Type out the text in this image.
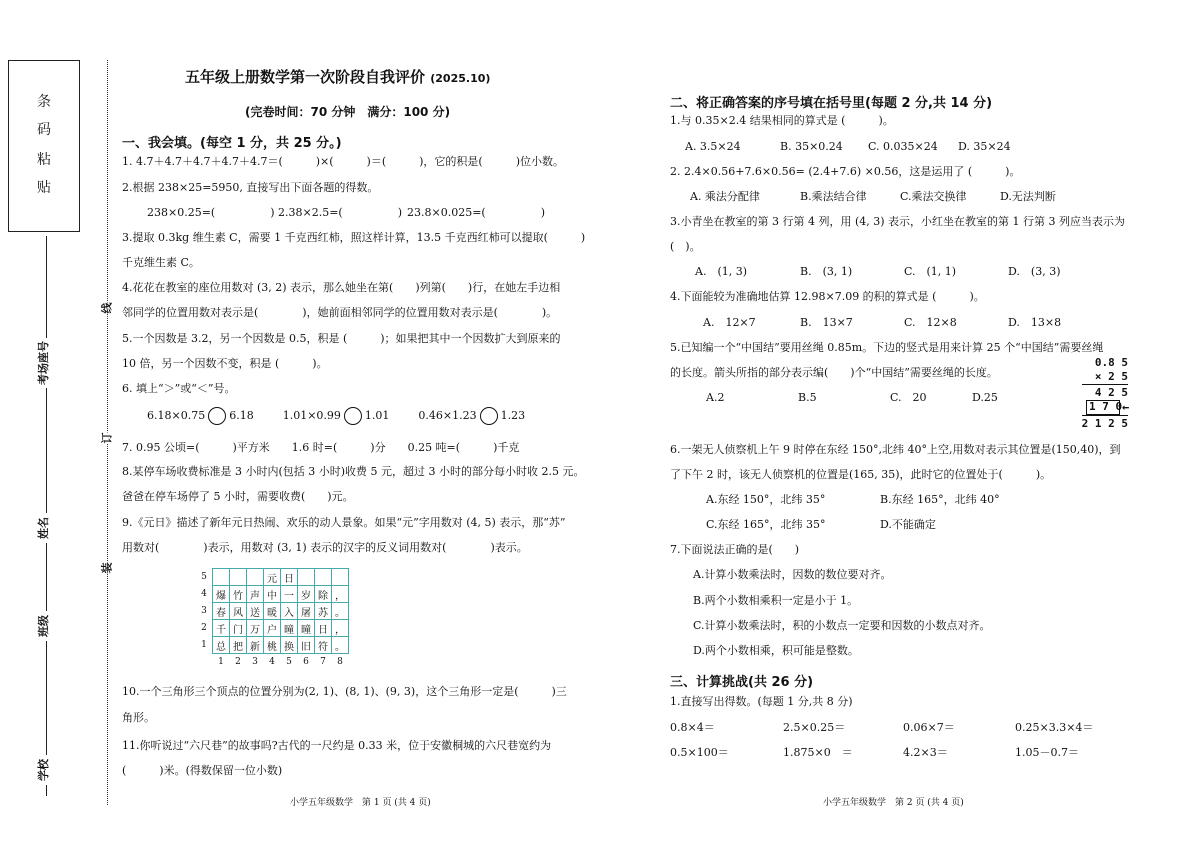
条
码
粘
贴
考场座号
姓名
班级
学校
线
订
装
五年级上册数学第一次阶段自我评价 (2025.10)
(完卷时间：70 分钟　满分：100 分)
一、我会填。(每空 1 分，共 25 分。)
1. 4.7＋4.7＋4.7＋4.7＋4.7＝(　　　)×(　　　)＝(　　　)，它的积是(　　　)位小数。
2.根据 238×25=5950, 直接写出下面各题的得数。
238×0.25=(　　　　　) 2.38×2.5=(　　　　　) 23.8×0.025=(　　　　　)
3.提取 0.3kg 维生素 C，需要 1 千克西红柿，照这样计算，13.5 千克西红柿可以提取(　　　)
千克维生素 C。
4.花花在教室的座位用数对 (3, 2) 表示，那么她坐在第(　　)列第(　　)行，在她左手边相
邻同学的位置用数对表示是(　　　　)，她前面相邻同学的位置用数对表示是(　　　　)。
5.一个因数是 3.2，另一个因数是 0.5，积是 (　　　)；如果把其中一个因数扩大到原来的
10 倍，另一个因数不变，积是 (　　　)。
6. 填上“＞”或“＜”号。
6.18×0.75 6.18	1.01×0.99 1.01	0.46×1.23 1.23
7. 0.95 公顷=(　　　)平方米　　1.6 时=(　　　)分　　0.25 吨=(　　　)千克
8.某停车场收费标准是 3 小时内(包括 3 小时)收费 5 元，超过 3 小时的部分每小时收 2.5 元。
爸爸在停车场停了 5 小时，需要收费(　　)元。
9.《元日》描述了新年元日热闹、欢乐的动人景象。如果“元”字用数对 (4, 5) 表示，那“苏”
用数对(　　　　)表示，用数对 (3, 1) 表示的汉字的反义词用数对(　　　　)表示。
5				元	日			
4	爆	竹	声	中	一	岁	除	，
3	春	风	送	暖	入	屠	苏	。
2	千	门	万	户	曈	曈	日	，
1	总	把	新	桃	换	旧	符	。
	1	2	3	4	5	6	7	8
10.一个三角形三个顶点的位置分别为(2, 1)、(8, 1)、(9, 3)，这个三角形一定是(　　　)三
角形。
11.你听说过“六尺巷”的故事吗?古代的一尺约是 0.33 米，位于安徽桐城的六尺巷宽约为
(　　　)米。(得数保留一位小数)
小学五年级数学　第 1 页 (共 4 页)
二、将正确答案的序号填在括号里(每题 2 分,共 14 分)
1.与 0.35×2.4 结果相同的算式是 (　　　)。
A. 3.5×24	B. 35×0.24 C. 0.035×24 D. 35×24
2. 2.4×0.56+7.6×0.56= (2.4+7.6) ×0.56，这是运用了 (　　　)。
A. 乘法分配律	B.乘法结合律	C.乘法交换律	D.无法判断
3.小青坐在教室的第 3 行第 4 列，用 (4, 3) 表示，小红坐在教室的第 1 行第 3 列应当表示为
(　)。
A.　(1, 3)	B.　(3, 1)	C.　(1, 1)	D.　(3, 3)
4.下面能较为准确地估算 12.98×7.09 的积的算式是 (　　　)。
A.　12×7	B.　13×7	C.　12×8	D.　13×8
5.已知编一个“中国结”要用丝绳 0.85m。下边的竖式是用来计算 25 个“中国结”需要丝绳
的长度。箭头所指的部分表示编(　　)个“中国结”需要丝绳的长度。
A.2	B.5	C.　20	D.25
0.8 5
× 2 5
4 2 5
1 7 0 ←
2 1 2 5
6.一架无人侦察机上午 9 时停在东经 150°,北纬 40°上空,用数对表示其位置是(150,40)，到
了下午 2 时，该无人侦察机的位置是(165, 35)，此时它的位置处于(　　　)。
A.东经 150°，北纬 35°	B.东经 165°，北纬 40°
C.东经 165°，北纬 35°	D.不能确定
7.下面说法正确的是(　　)
A.计算小数乘法时，因数的数位要对齐。
B.两个小数相乘积一定是小于 1。
C.计算小数乘法时，积的小数点一定要和因数的小数点对齐。
D.两个小数相乘，积可能是整数。
三、计算挑战(共 26 分)
1.直接写出得数。(每题 1 分,共 8 分)
0.8×4＝	2.5×0.25＝	0.06×7＝	0.25×3.3×4＝
0.5×100＝	1.875×0　＝	4.2×3＝	1.05－0.7＝
小学五年级数学　第 2 页 (共 4 页)
